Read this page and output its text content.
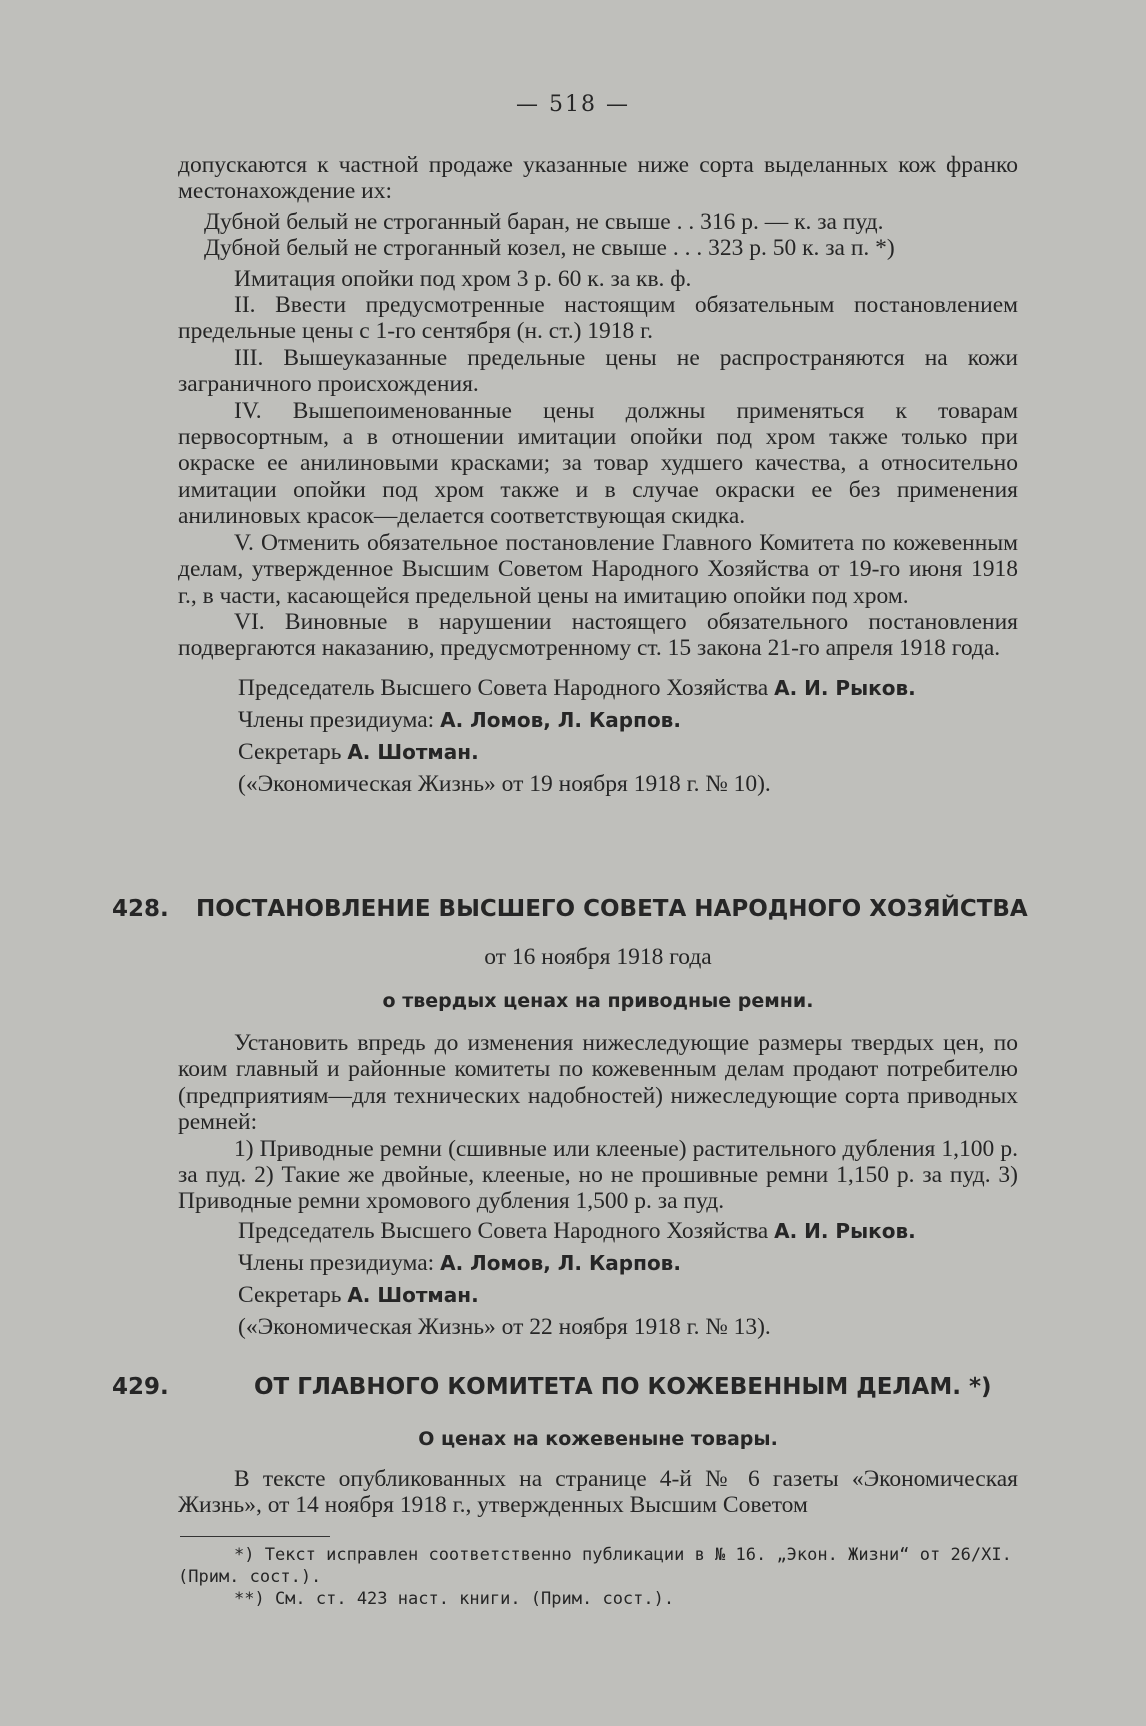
— 518 —

допускаются к частной продаже указанные ниже сорта выделанных кож франко местонахождение их:

Дубной белый не строганный баран, не свыше . . 316 р. — к. за пуд.

Дубной белый не строганный козел, не свыше . . . 323 р. 50 к. за п. *)

Имитация опойки под хром 3 р. 60 к. за кв. ф.

II. Ввести предусмотренные настоящим обязательным постановлением предельные цены с 1-го сентября (н. ст.) 1918 г.

III. Вышеуказанные предельные цены не распространяются на кожи заграничного происхождения.

IV. Вышепоименованные цены должны применяться к товарам первосортным, а в отношении имитации опойки под хром также только при окраске ее анилиновыми красками; за товар худшего качества, а относительно имитации опойки под хром также и в случае окраски ее без применения анилиновых красок—делается соответствующая скидка.

V. Отменить обязательное постановление Главного Комитета по кожевенным делам, утвержденное Высшим Советом Народного Хозяйства от 19-го июня 1918 г., в части, касающейся предельной цены на имитацию опойки под хром.

VI. Виновные в нарушении настоящего обязательного постановления подвергаются наказанию, предусмотренному ст. 15 закона 21-го апреля 1918 года.

Председатель Высшего Совета Народного Хозяйства А. И. Рыков.

Члены президиума: А. Ломов, Л. Карпов.

Секретарь А. Шотман.

(«Экономическая Жизнь» от 19 ноября 1918 г. № 10).

428. ПОСТАНОВЛЕНИЕ ВЫСШЕГО СОВЕТА НАРОДНОГО ХОЗЯЙСТВА
от 16 ноября 1918 года
о твердых ценах на приводные ремни.

Установить впредь до изменения нижеследующие размеры твердых цен, по коим главный и районные комитеты по кожевенным делам продают потребителю (предприятиям—для технических надобностей) нижеследующие сорта приводных ремней:

1) Приводные ремни (сшивные или клееные) растительного дубления 1,100 р. за пуд. 2) Такие же двойные, клееные, но не прошивные ремни 1,150 р. за пуд. 3) Приводные ремни хромового дубления 1,500 р. за пуд.

Председатель Высшего Совета Народного Хозяйства А. И. Рыков.

Члены президиума: А. Ломов, Л. Карпов.

Секретарь А. Шотман.

(«Экономическая Жизнь» от 22 ноября 1918 г. № 13).

429.	ОТ ГЛАВНОГО КОМИТЕТА ПО КОЖЕВЕННЫМ ДЕЛАМ. *)
О ценах на кожевеныне товары.

В тексте опубликованных на странице 4-й № 6 газеты «Экономическая Жизнь», от 14 ноября 1918 г., утвержденных Высшим Советом

*) Текст исправлен соответственно публикации в № 16. „Экон. Жизни“ от 26/XI. (Прим. сост.).

**) См. ст. 423 наст. книги. (Прим. сост.).
